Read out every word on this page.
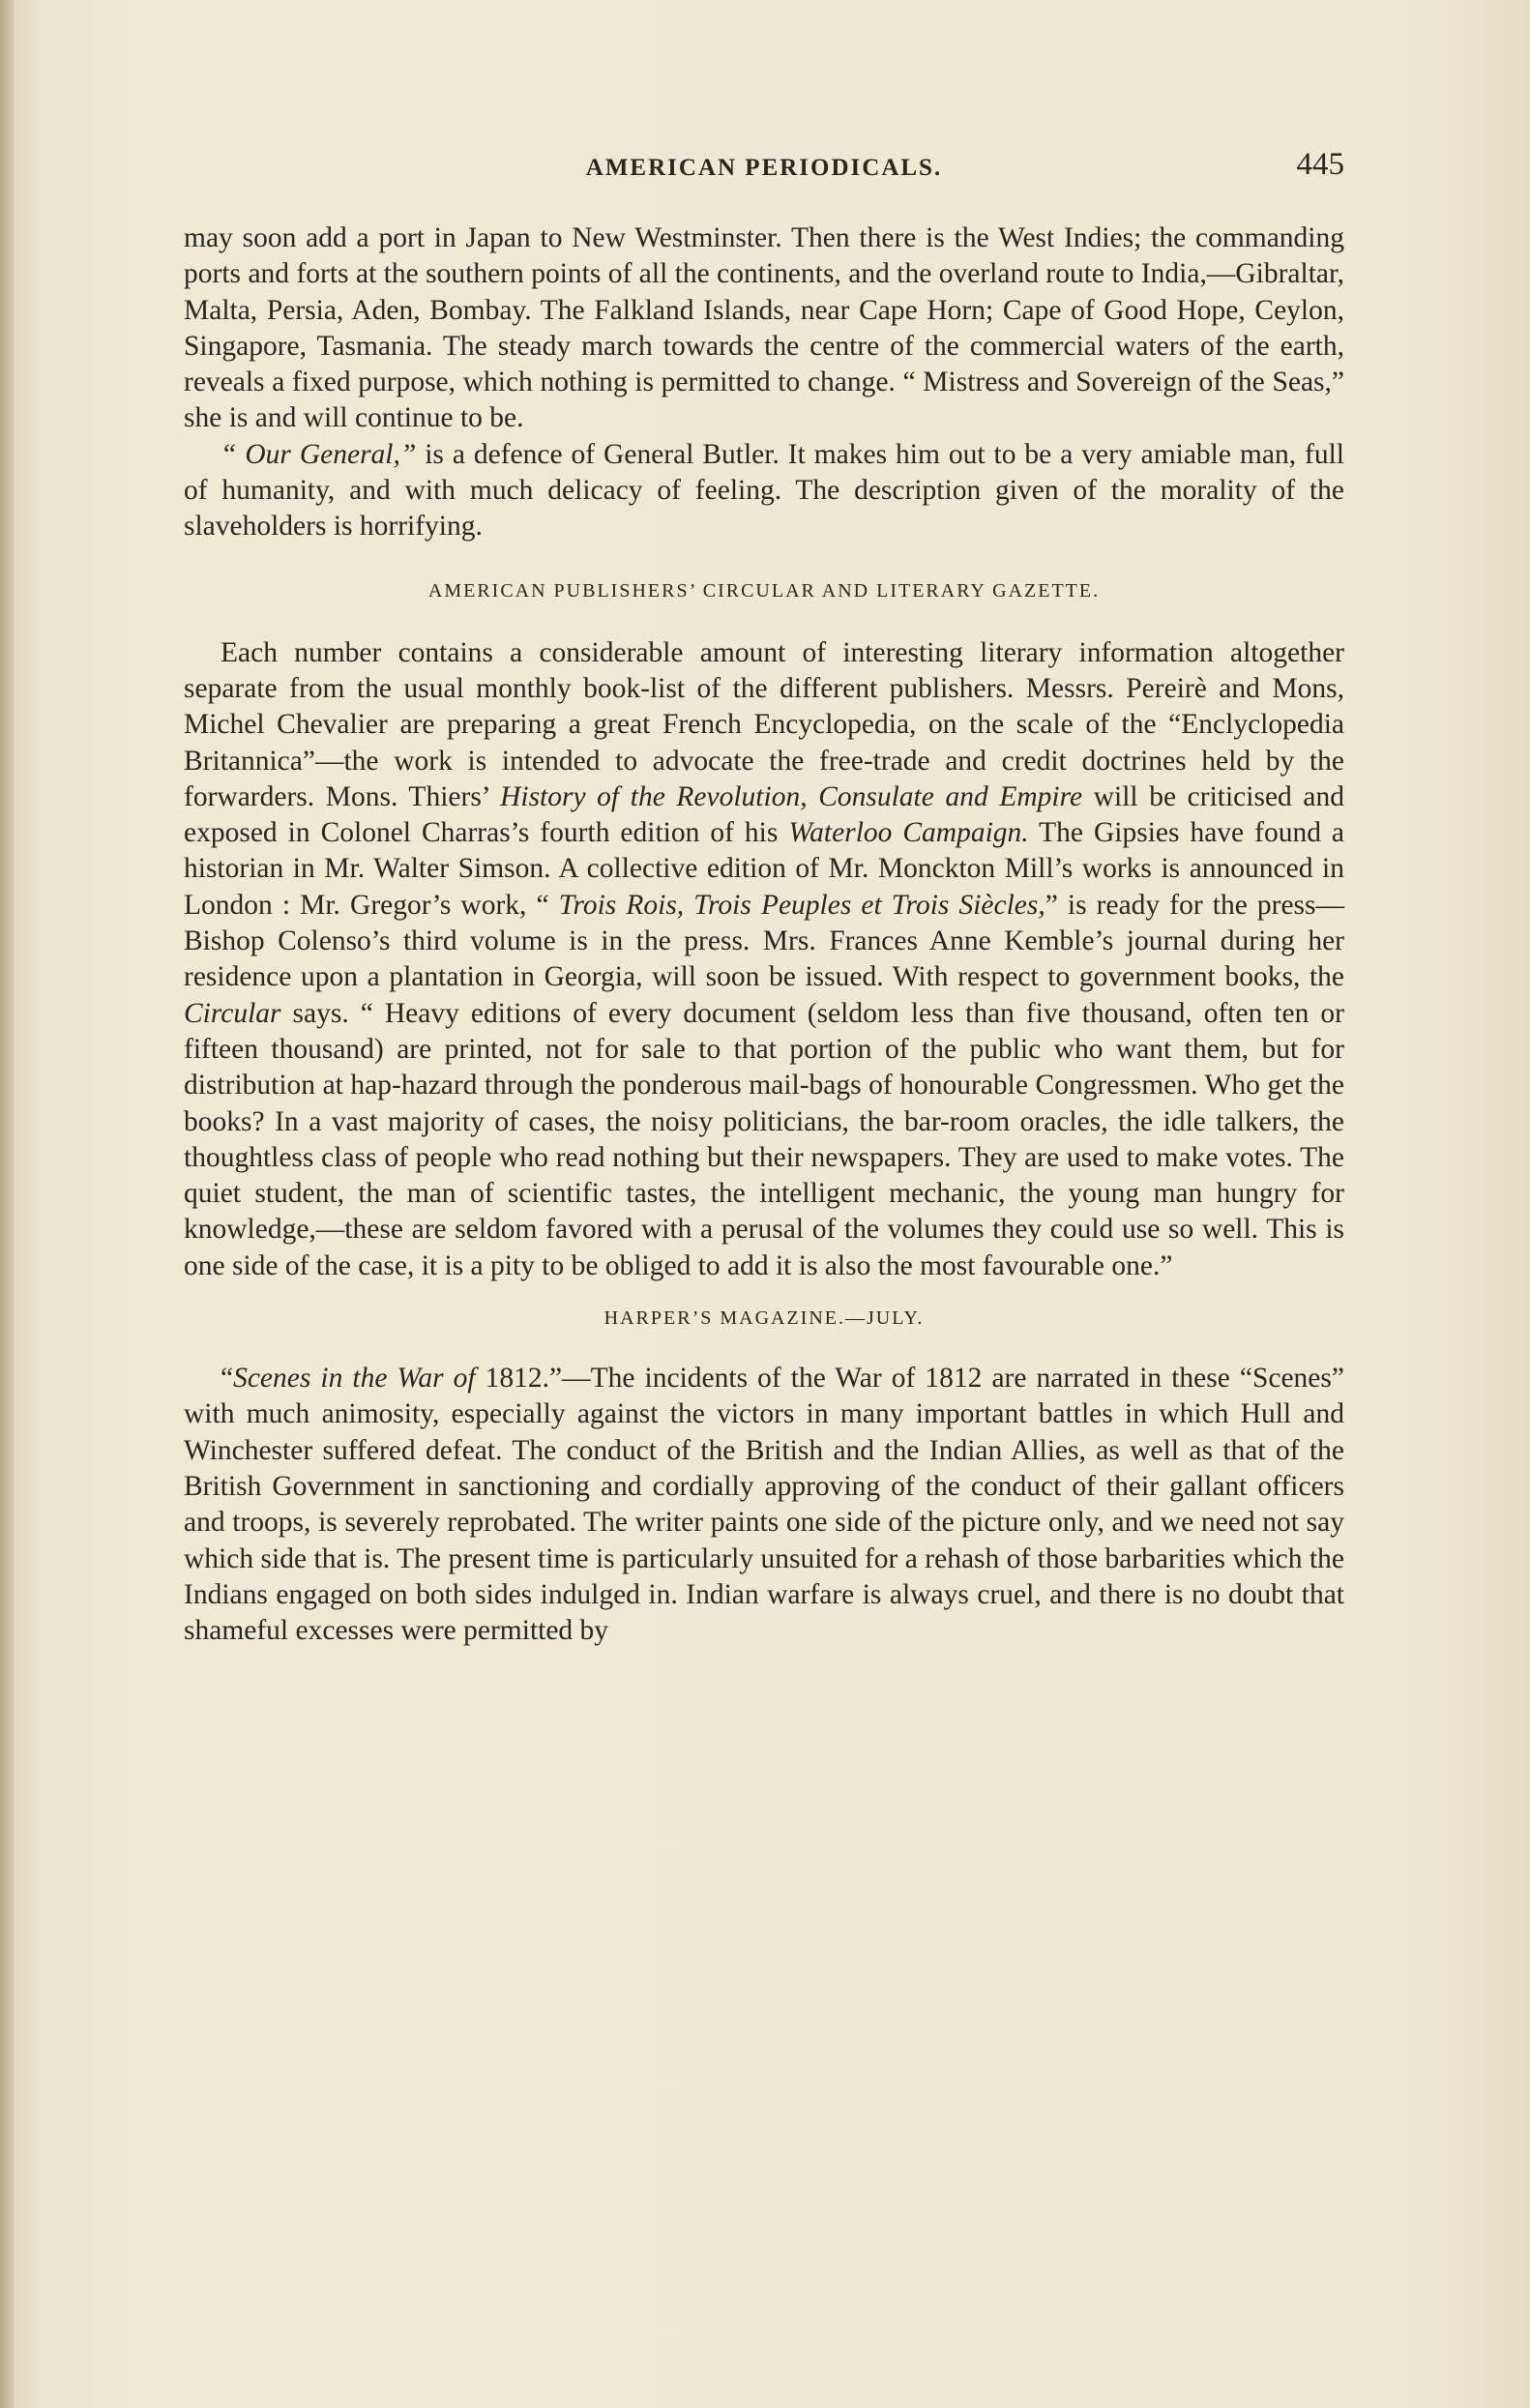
AMERICAN PERIODICALS.	445

may soon add a port in Japan to New Westminster. Then there is the West Indies; the commanding ports and forts at the southern points of all the continents, and the overland route to India,—Gibraltar, Malta, Persia, Aden, Bombay. The Falkland Islands, near Cape Horn; Cape of Good Hope, Ceylon, Singapore, Tasmania. The steady march towards the centre of the commercial waters of the earth, reveals a fixed purpose, which nothing is permitted to change. “ Mistress and Sovereign of the Seas,” she is and will continue to be.

“ Our General,” is a defence of General Butler. It makes him out to be a very amiable man, full of humanity, and with much delicacy of feeling. The description given of the morality of the slaveholders is horrifying.

AMERICAN PUBLISHERS’ CIRCULAR AND LITERARY GAZETTE.

Each number contains a considerable amount of interesting literary information altogether separate from the usual monthly book-list of the different publishers. Messrs. Pereirè and Mons, Michel Chevalier are preparing a great French Encyclopedia, on the scale of the “Enclyclopedia Britannica”—the work is intended to advocate the free-trade and credit doctrines held by the forwarders. Mons. Thiers’ History of the Revolution, Consulate and Empire will be criticised and exposed in Colonel Charras’s fourth edition of his Waterloo Campaign. The Gipsies have found a historian in Mr. Walter Simson. A collective edition of Mr. Monckton Mill’s works is announced in London : Mr. Gregor’s work, “ Trois Rois, Trois Peuples et Trois Siècles,” is ready for the press—Bishop Colenso’s third volume is in the press. Mrs. Frances Anne Kemble’s journal during her residence upon a plantation in Georgia, will soon be issued. With respect to government books, the Circular says. “ Heavy editions of every document (seldom less than five thousand, often ten or fifteen thousand) are printed, not for sale to that portion of the public who want them, but for distribution at hap-hazard through the ponderous mail-bags of honourable Congressmen. Who get the books? In a vast majority of cases, the noisy politicians, the bar-room oracles, the idle talkers, the thoughtless class of people who read nothing but their newspapers. They are used to make votes. The quiet student, the man of scientific tastes, the intelligent mechanic, the young man hungry for knowledge,—these are seldom favored with a perusal of the volumes they could use so well. This is one side of the case, it is a pity to be obliged to add it is also the most favourable one.”

HARPER’S MAGAZINE.—JULY.

“Scenes in the War of 1812.”—The incidents of the War of 1812 are narrated in these “Scenes” with much animosity, especially against the victors in many important battles in which Hull and Winchester suffered defeat. The conduct of the British and the Indian Allies, as well as that of the British Government in sanctioning and cordially approving of the conduct of their gallant officers and troops, is severely reprobated. The writer paints one side of the picture only, and we need not say which side that is. The present time is particularly unsuited for a rehash of those barbarities which the Indians engaged on both sides indulged in. Indian warfare is always cruel, and there is no doubt that shameful excesses were permitted by
